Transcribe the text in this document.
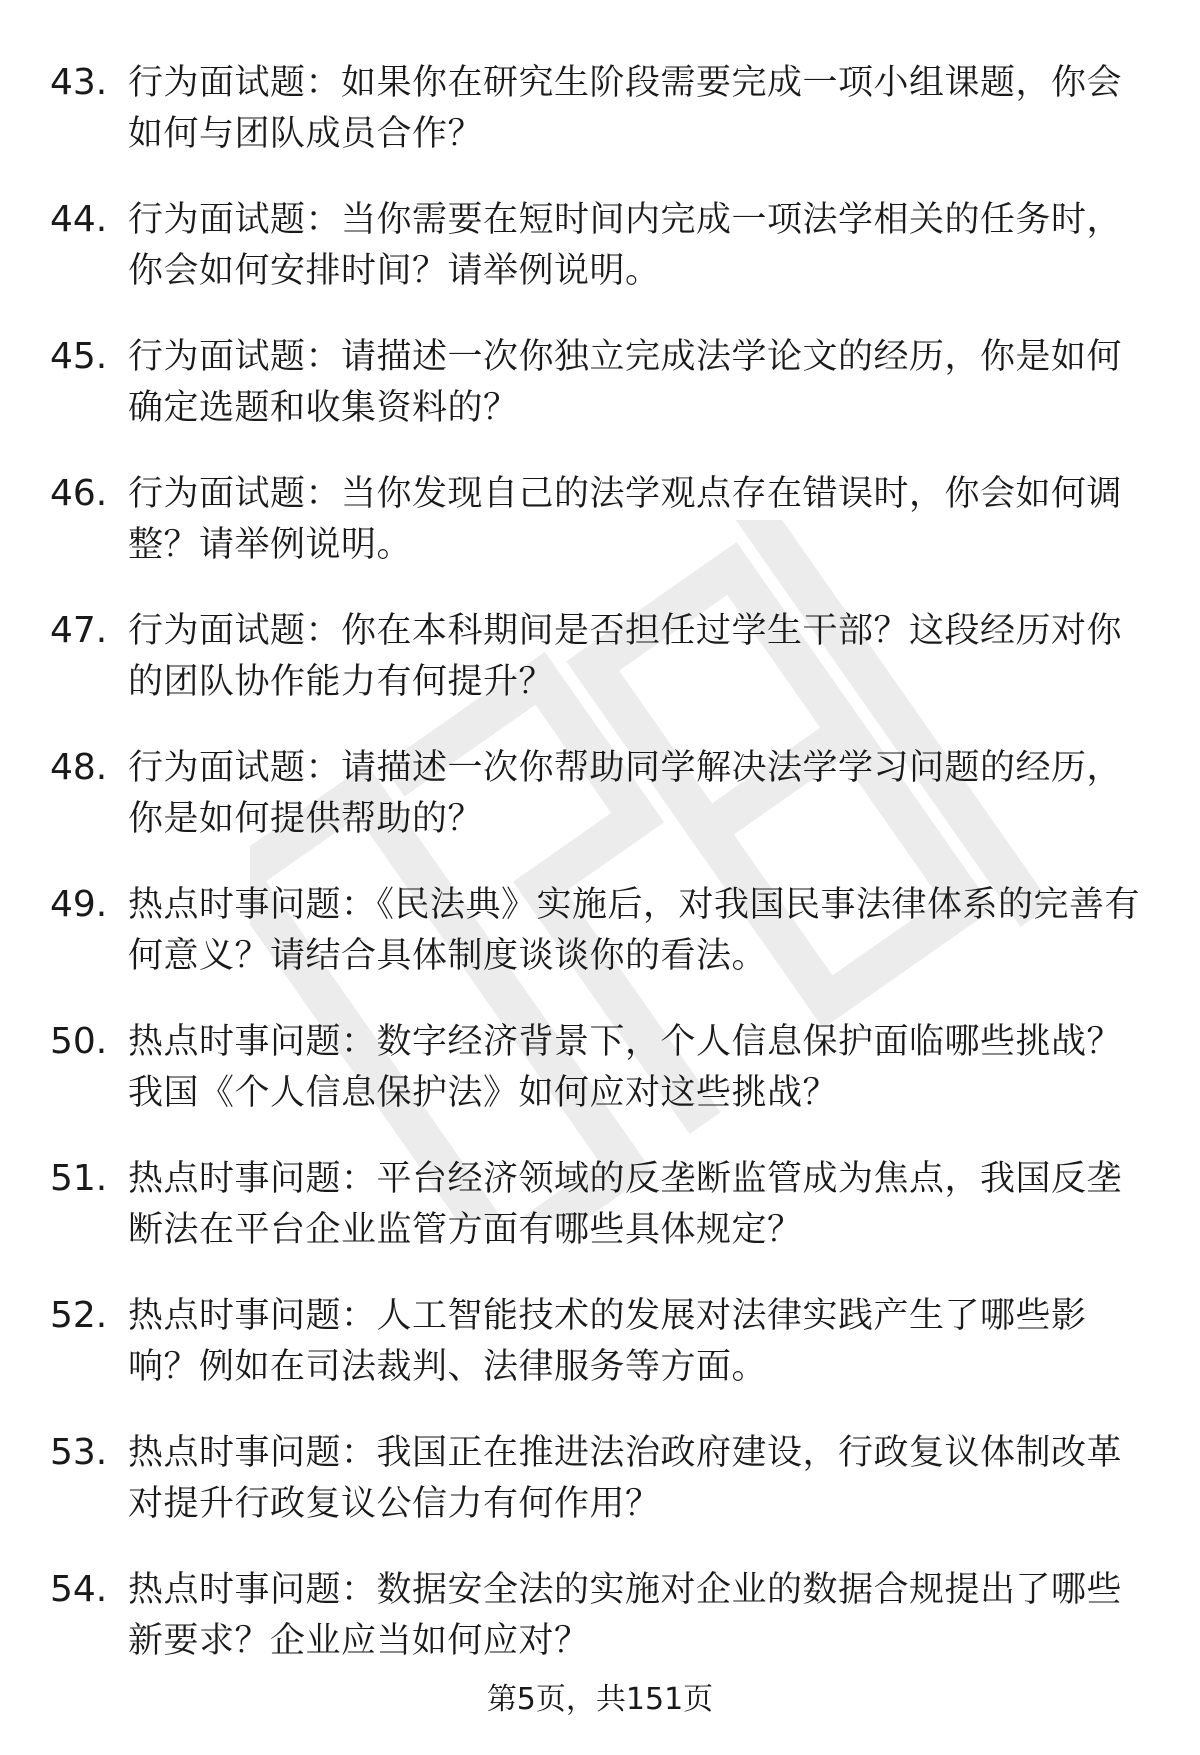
43. 行为面试题：如果你在研究生阶段需要完成一项小组课题，你会如何与团队成员合作？
44. 行为面试题：当你需要在短时间内完成一项法学相关的任务时，你会如何安排时间？请举例说明。
45. 行为面试题：请描述一次你独立完成法学论文的经历，你是如何确定选题和收集资料的？
46. 行为面试题：当你发现自己的法学观点存在错误时，你会如何调整？请举例说明。
47. 行为面试题：你在本科期间是否担任过学生干部？这段经历对你的团队协作能力有何提升？
48. 行为面试题：请描述一次你帮助同学解决法学学习问题的经历，你是如何提供帮助的？
49. 热点时事问题：《民法典》实施后，对我国民事法律体系的完善有何意义？请结合具体制度谈谈你的看法。
50. 热点时事问题：数字经济背景下，个人信息保护面临哪些挑战？我国《个人信息保护法》如何应对这些挑战？
51. 热点时事问题：平台经济领域的反垄断监管成为焦点，我国反垄断法在平台企业监管方面有哪些具体规定？
52. 热点时事问题：人工智能技术的发展对法律实践产生了哪些影响？例如在司法裁判、法律服务等方面。
53. 热点时事问题：我国正在推进法治政府建设，行政复议体制改革对提升行政复议公信力有何作用？
54. 热点时事问题：数据安全法的实施对企业的数据合规提出了哪些新要求？企业应当如何应对？
第5页，共151页
